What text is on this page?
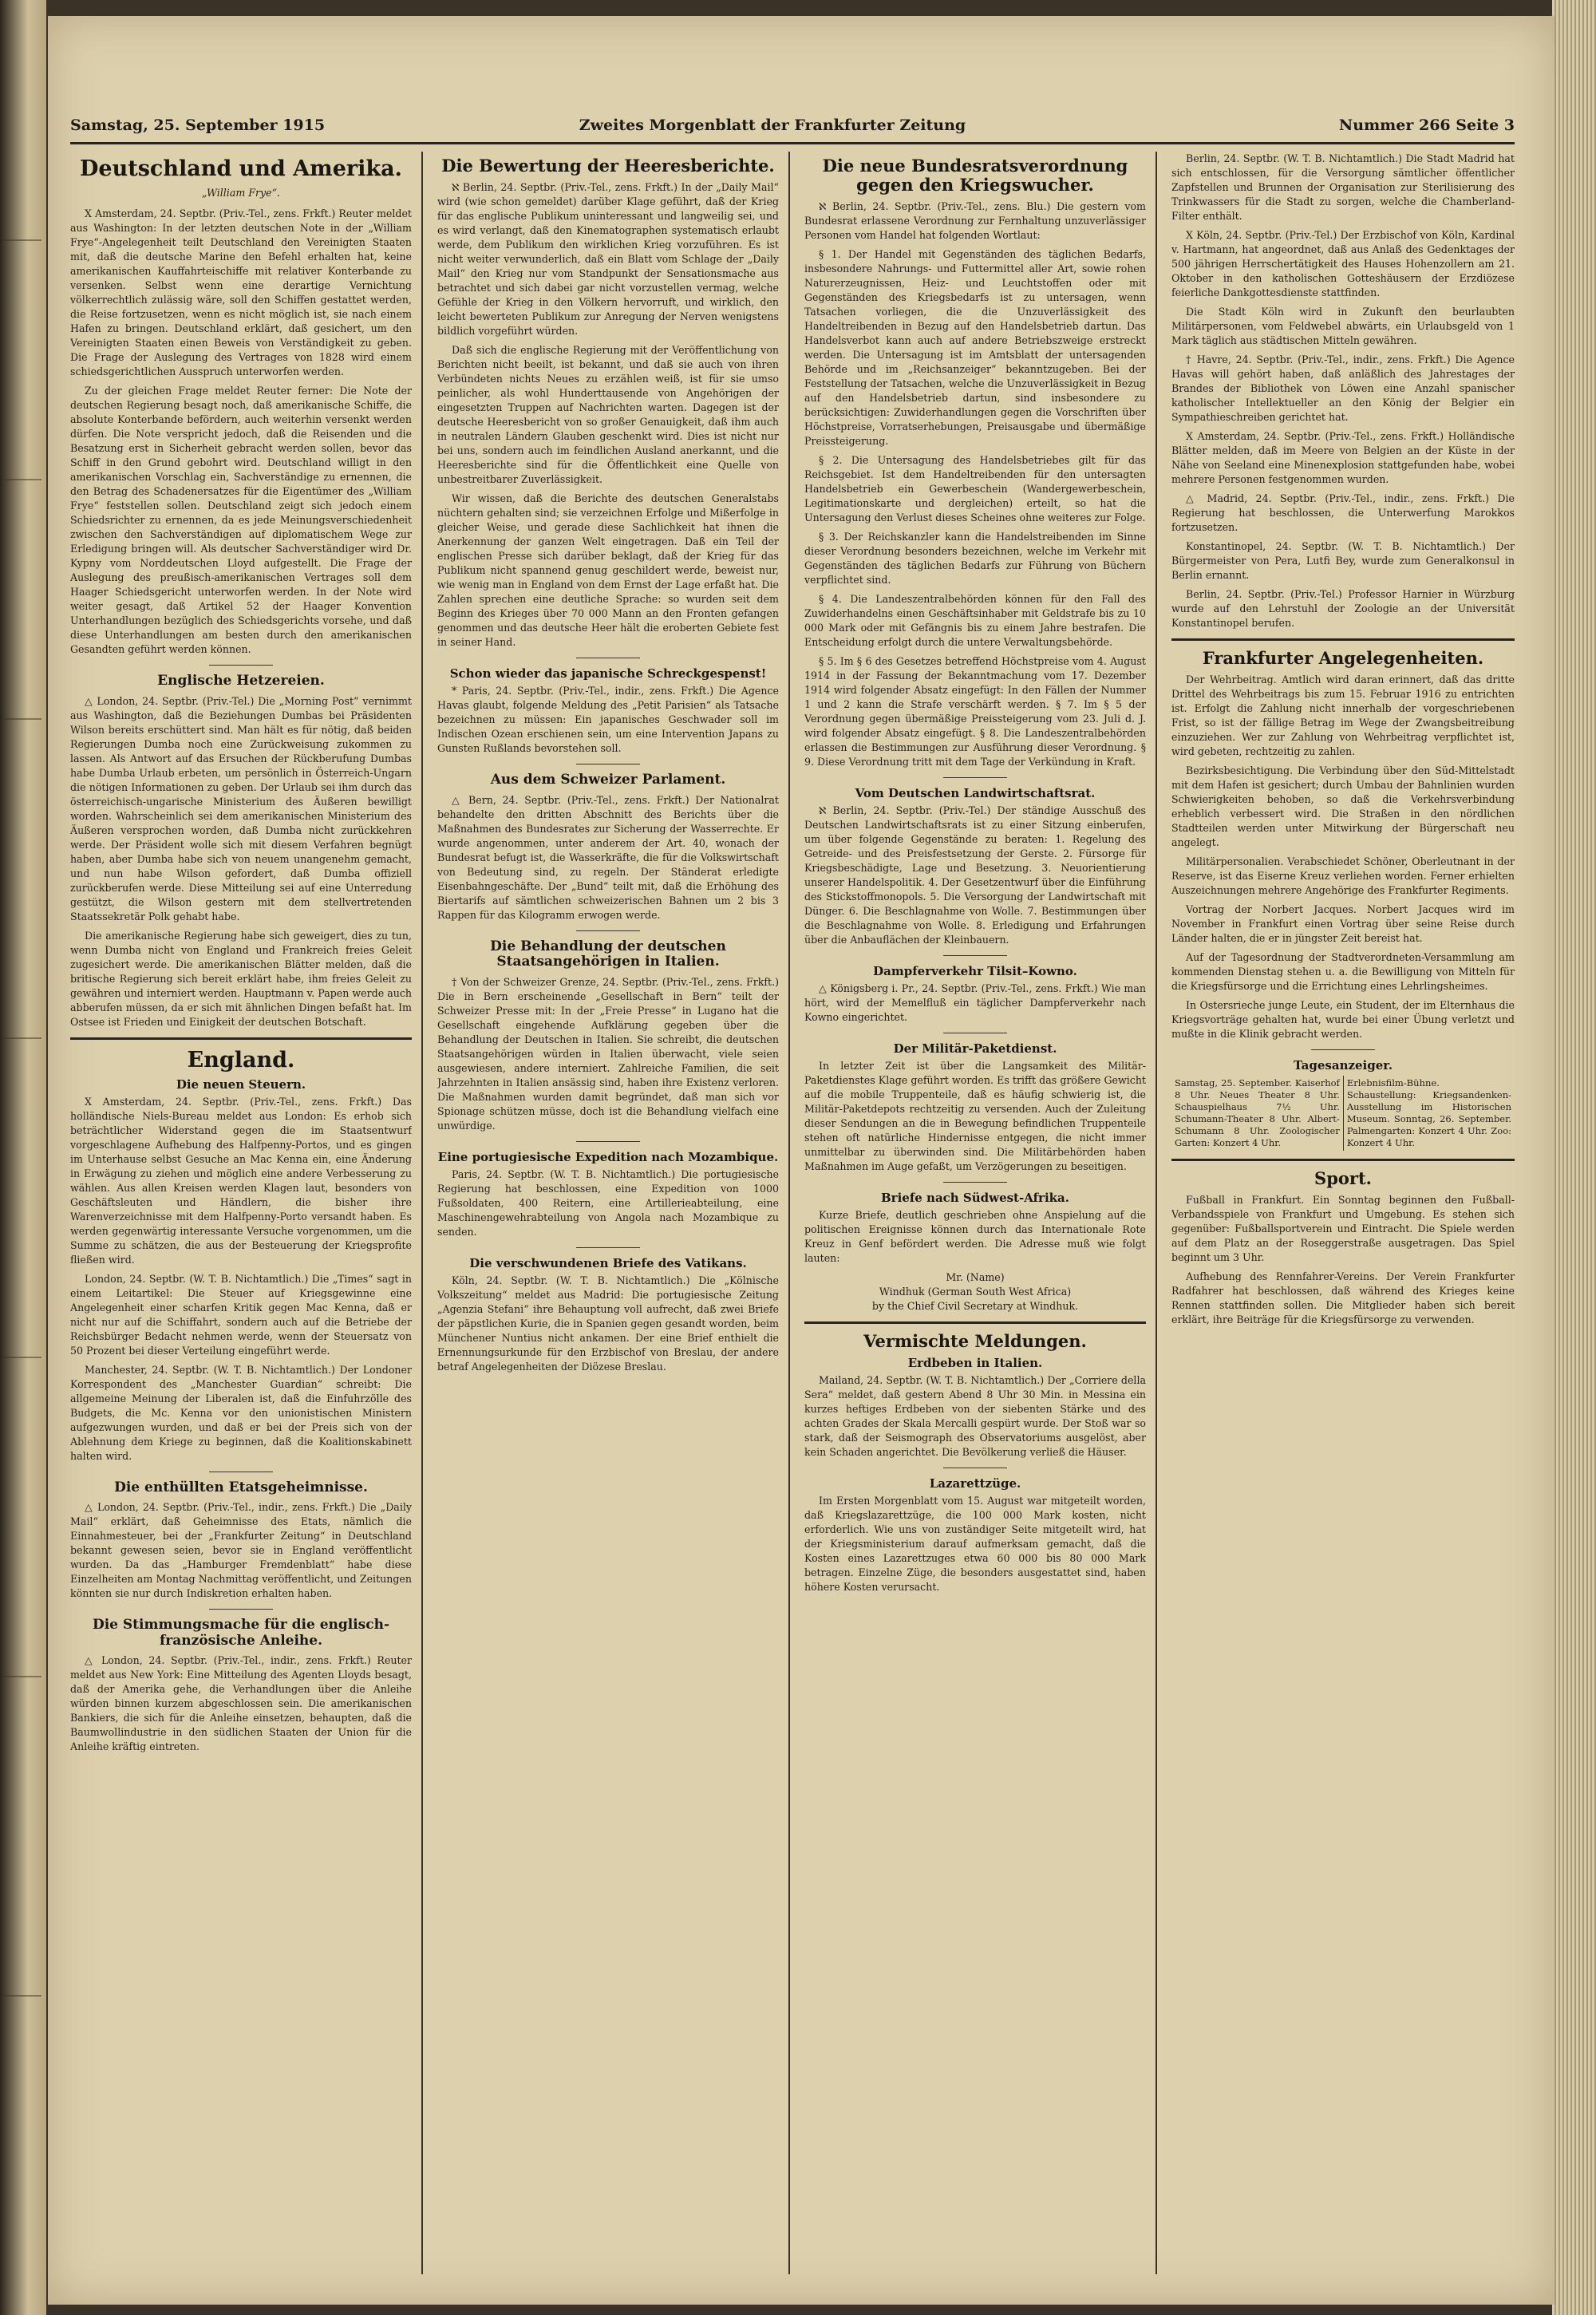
Samstag, 25. September 1915	Zweites Morgenblatt der Frankfurter Zeitung	Nummer 266 Seite 3
Deutschland und Amerika.
„William Frye“.

X Amsterdam, 24. Septbr. (Priv.-Tel., zens. Frkft.) Reuter meldet aus Washington: In der letzten deutschen Note in der „William Frye“-Angelegenheit teilt Deutschland den Vereinigten Staaten mit, daß die deutsche Marine den Befehl erhalten hat, keine amerikanischen Kauffahrteischiffe mit relativer Konterbande zu versenken. Selbst wenn eine derartige Vernichtung völkerrechtlich zulässig wäre, soll den Schiffen gestattet werden, die Reise fortzusetzen, wenn es nicht möglich ist, sie nach einem Hafen zu bringen. Deutschland erklärt, daß gesichert, um den Vereinigten Staaten einen Beweis von Verständigkeit zu geben. Die Frage der Auslegung des Vertrages von 1828 wird einem schiedsgerichtlichen Ausspruch unterworfen werden.

Zu der gleichen Frage meldet Reuter ferner: Die Note der deutschen Regierung besagt noch, daß amerikanische Schiffe, die absolute Konterbande befördern, auch weiterhin versenkt werden dürfen. Die Note verspricht jedoch, daß die Reisenden und die Besatzung erst in Sicherheit gebracht werden sollen, bevor das Schiff in den Grund gebohrt wird. Deutschland willigt in den amerikanischen Vorschlag ein, Sachverständige zu ernennen, die den Betrag des Schadenersatzes für die Eigentümer des „William Frye“ feststellen sollen. Deutschland zeigt sich jedoch einem Schiedsrichter zu ernennen, da es jede Meinungsverschiedenheit zwischen den Sachverständigen auf diplomatischem Wege zur Erledigung bringen will. Als deutscher Sachverständiger wird Dr. Kypny vom Norddeutschen Lloyd aufgestellt. Die Frage der Auslegung des preußisch-amerikanischen Vertrages soll dem Haager Schiedsgericht unterworfen werden. In der Note wird weiter gesagt, daß Artikel 52 der Haager Konvention Unterhandlungen bezüglich des Schiedsgerichts vorsehe, und daß diese Unterhandlungen am besten durch den amerikanischen Gesandten geführt werden können.

Englische Hetzereien.

△ London, 24. Septbr. (Priv.-Tel.) Die „Morning Post“ vernimmt aus Washington, daß die Beziehungen Dumbas bei Präsidenten Wilson bereits erschüttert sind. Man hält es für nötig, daß beiden Regierungen Dumba noch eine Zurückweisung zukommen zu lassen. Als Antwort auf das Ersuchen der Rückberufung Dumbas habe Dumba Urlaub erbeten, um persönlich in Österreich-Ungarn die nötigen Informationen zu geben. Der Urlaub sei ihm durch das österreichisch-ungarische Ministerium des Äußeren bewilligt worden. Wahrscheinlich sei dem amerikanischen Ministerium des Äußeren versprochen worden, daß Dumba nicht zurückkehren werde. Der Präsident wolle sich mit diesem Verfahren begnügt haben, aber Dumba habe sich von neuem unangenehm gemacht, und nun habe Wilson gefordert, daß Dumba offiziell zurückberufen werde. Diese Mitteilung sei auf eine Unterredung gestützt, die Wilson gestern mit dem stellvertretenden Staatssekretär Polk gehabt habe.

Die amerikanische Regierung habe sich geweigert, dies zu tun, wenn Dumba nicht von England und Frankreich freies Geleit zugesichert werde. Die amerikanischen Blätter melden, daß die britische Regierung sich bereit erklärt habe, ihm freies Geleit zu gewähren und interniert werden. Hauptmann v. Papen werde auch abberufen müssen, da er sich mit ähnlichen Dingen befaßt hat. Im Ostsee ist Frieden und Einigkeit der deutschen Botschaft.

England.
Die neuen Steuern.

X Amsterdam, 24. Septbr. (Priv.-Tel., zens. Frkft.) Das holländische Niels-Bureau meldet aus London: Es erhob sich beträchtlicher Widerstand gegen die im Staatsentwurf vorgeschlagene Aufhebung des Halfpenny-Portos, und es gingen im Unterhause selbst Gesuche an Mac Kenna ein, eine Änderung in Erwägung zu ziehen und möglich eine andere Verbesserung zu wählen. Aus allen Kreisen werden Klagen laut, besonders von Geschäftsleuten und Händlern, die bisher ihre Warenverzeichnisse mit dem Halfpenny-Porto versandt haben. Es werden gegenwärtig interessante Versuche vorgenommen, um die Summe zu schätzen, die aus der Besteuerung der Kriegsprofite fließen wird.

London, 24. Septbr. (W. T. B. Nichtamtlich.) Die „Times“ sagt in einem Leitartikel: Die Steuer auf Kriegsgewinne eine Angelegenheit einer scharfen Kritik gegen Mac Kenna, daß er nicht nur auf die Schiffahrt, sondern auch auf die Betriebe der Reichsbürger Bedacht nehmen werde, wenn der Steuersatz von 50 Prozent bei dieser Verteilung eingeführt werde.

Manchester, 24. Septbr. (W. T. B. Nichtamtlich.) Der Londoner Korrespondent des „Manchester Guardian“ schreibt: Die allgemeine Meinung der Liberalen ist, daß die Einfuhrzölle des Budgets, die Mc. Kenna vor den unionistischen Ministern aufgezwungen wurden, und daß er bei der Preis sich von der Ablehnung dem Kriege zu beginnen, daß die Koalitionskabinett halten wird.

Die enthüllten Etatsgeheimnisse.

△ London, 24. Septbr. (Priv.-Tel., indir., zens. Frkft.) Die „Daily Mail“ erklärt, daß Geheimnisse des Etats, nämlich die Einnahmesteuer, bei der „Frankfurter Zeitung“ in Deutschland bekannt gewesen seien, bevor sie in England veröffentlicht wurden. Da das „Hamburger Fremdenblatt“ habe diese Einzelheiten am Montag Nachmittag veröffentlicht, und Zeitungen könnten sie nur durch Indiskretion erhalten haben.

Die Stimmungsmache für die englisch-französische Anleihe.

△ London, 24. Septbr. (Priv.-Tel., indir., zens. Frkft.) Reuter meldet aus New York: Eine Mitteilung des Agenten Lloyds besagt, daß der Amerika gehe, die Verhandlungen über die Anleihe würden binnen kurzem abgeschlossen sein. Die amerikanischen Bankiers, die sich für die Anleihe einsetzen, behaupten, daß die Baumwollindustrie in den südlichen Staaten der Union für die Anleihe kräftig eintreten.

Die Bewertung der Heeresberichte.

ℵ Berlin, 24. Septbr. (Priv.-Tel., zens. Frkft.) In der „Daily Mail“ wird (wie schon gemeldet) darüber Klage geführt, daß der Krieg für das englische Publikum uninteressant und langweilig sei, und es wird verlangt, daß den Kinematographen systematisch erlaubt werde, dem Publikum den wirklichen Krieg vorzuführen. Es ist nicht weiter verwunderlich, daß ein Blatt vom Schlage der „Daily Mail“ den Krieg nur vom Standpunkt der Sensationsmache aus betrachtet und sich dabei gar nicht vorzustellen vermag, welche Gefühle der Krieg in den Völkern hervorruft, und wirklich, den leicht bewerteten Publikum zur Anregung der Nerven wenigstens bildlich vorgeführt würden.

Daß sich die englische Regierung mit der Veröffentlichung von Berichten nicht beeilt, ist bekannt, und daß sie auch von ihren Verbündeten nichts Neues zu erzählen weiß, ist für sie umso peinlicher, als wohl Hunderttausende von Angehörigen der eingesetzten Truppen auf Nachrichten warten. Dagegen ist der deutsche Heeresbericht von so großer Genauigkeit, daß ihm auch in neutralen Ländern Glauben geschenkt wird. Dies ist nicht nur bei uns, sondern auch im feindlichen Ausland anerkannt, und die Heeresberichte sind für die Öffentlichkeit eine Quelle von unbestreitbarer Zuverlässigkeit.

Wir wissen, daß die Berichte des deutschen Generalstabs nüchtern gehalten sind; sie verzeichnen Erfolge und Mißerfolge in gleicher Weise, und gerade diese Sachlichkeit hat ihnen die Anerkennung der ganzen Welt eingetragen. Daß ein Teil der englischen Presse sich darüber beklagt, daß der Krieg für das Publikum nicht spannend genug geschildert werde, beweist nur, wie wenig man in England von dem Ernst der Lage erfaßt hat. Die Zahlen sprechen eine deutliche Sprache: so wurden seit dem Beginn des Krieges über 70 000 Mann an den Fronten gefangen genommen und das deutsche Heer hält die eroberten Gebiete fest in seiner Hand.

Schon wieder das japanische Schreckgespenst!

* Paris, 24. Septbr. (Priv.-Tel., indir., zens. Frkft.) Die Agence Havas glaubt, folgende Meldung des „Petit Parisien“ als Tatsache bezeichnen zu müssen: Ein japanisches Geschwader soll im Indischen Ozean erschienen sein, um eine Intervention Japans zu Gunsten Rußlands bevorstehen soll.

Aus dem Schweizer Parlament.

△ Bern, 24. Septbr. (Priv.-Tel., zens. Frkft.) Der Nationalrat behandelte den dritten Abschnitt des Berichts über die Maßnahmen des Bundesrates zur Sicherung der Wasserrechte. Er wurde angenommen, unter anderem der Art. 40, wonach der Bundesrat befugt ist, die Wasserkräfte, die für die Volkswirtschaft von Bedeutung sind, zu regeln. Der Ständerat erledigte Eisenbahngeschäfte. Der „Bund“ teilt mit, daß die Erhöhung des Biertarifs auf sämtlichen schweizerischen Bahnen um 2 bis 3 Rappen für das Kilogramm erwogen werde.

Die Behandlung der deutschen Staatsangehörigen in Italien.

† Von der Schweizer Grenze, 24. Septbr. (Priv.-Tel., zens. Frkft.) Die in Bern erscheinende „Gesellschaft in Bern“ teilt der Schweizer Presse mit: In der „Freie Presse“ in Lugano hat die Gesellschaft eingehende Aufklärung gegeben über die Behandlung der Deutschen in Italien. Sie schreibt, die deutschen Staatsangehörigen würden in Italien überwacht, viele seien ausgewiesen, andere interniert. Zahlreiche Familien, die seit Jahrzehnten in Italien ansässig sind, haben ihre Existenz verloren. Die Maßnahmen wurden damit begründet, daß man sich vor Spionage schützen müsse, doch ist die Behandlung vielfach eine unwürdige.

Eine portugiesische Expedition nach Mozambique.

Paris, 24. Septbr. (W. T. B. Nichtamtlich.) Die portugiesische Regierung hat beschlossen, eine Expedition von 1000 Fußsoldaten, 400 Reitern, eine Artillerieabteilung, eine Maschinengewehrabteilung von Angola nach Mozambique zu senden.

Die verschwundenen Briefe des Vatikans.

Köln, 24. Septbr. (W. T. B. Nichtamtlich.) Die „Kölnische Volkszeitung“ meldet aus Madrid: Die portugiesische Zeitung „Agenzia Stefani“ ihre Behauptung voll aufrecht, daß zwei Briefe der päpstlichen Kurie, die in Spanien gegen gesandt worden, beim Münchener Nuntius nicht ankamen. Der eine Brief enthielt die Ernennungsurkunde für den Erzbischof von Breslau, der andere betraf Angelegenheiten der Diözese Breslau.

Die neue Bundesratsverordnung gegen den Kriegswucher.

ℵ Berlin, 24. Septbr. (Priv.-Tel., zens. Blu.) Die gestern vom Bundesrat erlassene Verordnung zur Fernhaltung unzuverlässiger Personen vom Handel hat folgenden Wortlaut:

§ 1. Der Handel mit Gegenständen des täglichen Bedarfs, insbesondere Nahrungs- und Futtermittel aller Art, sowie rohen Naturerzeugnissen, Heiz- und Leuchtstoffen oder mit Gegenständen des Kriegsbedarfs ist zu untersagen, wenn Tatsachen vorliegen, die die Unzuverlässigkeit des Handeltreibenden in Bezug auf den Handelsbetrieb dartun. Das Handelsverbot kann auch auf andere Betriebszweige erstreckt werden. Die Untersagung ist im Amtsblatt der untersagenden Behörde und im „Reichsanzeiger“ bekanntzugeben. Bei der Feststellung der Tatsachen, welche die Unzuverlässigkeit in Bezug auf den Handelsbetrieb dartun, sind insbesondere zu berücksichtigen: Zuwiderhandlungen gegen die Vorschriften über Höchstpreise, Vorratserhebungen, Preisausgabe und übermäßige Preissteigerung.

§ 2. Die Untersagung des Handelsbetriebes gilt für das Reichsgebiet. Ist dem Handeltreibenden für den untersagten Handelsbetrieb ein Gewerbeschein (Wandergewerbeschein, Legitimationskarte und dergleichen) erteilt, so hat die Untersagung den Verlust dieses Scheines ohne weiteres zur Folge.

§ 3. Der Reichskanzler kann die Handelstreibenden im Sinne dieser Verordnung besonders bezeichnen, welche im Verkehr mit Gegenständen des täglichen Bedarfs zur Führung von Büchern verpflichtet sind.

§ 4. Die Landeszentralbehörden können für den Fall des Zuwiderhandelns einen Geschäftsinhaber mit Geldstrafe bis zu 10 000 Mark oder mit Gefängnis bis zu einem Jahre bestrafen. Die Entscheidung erfolgt durch die untere Verwaltungsbehörde.

§ 5. Im § 6 des Gesetzes betreffend Höchstpreise vom 4. August 1914 in der Fassung der Bekanntmachung vom 17. Dezember 1914 wird folgender Absatz eingefügt: In den Fällen der Nummer 1 und 2 kann die Strafe verschärft werden. § 7. Im § 5 der Verordnung gegen übermäßige Preissteigerung vom 23. Juli d. J. wird folgender Absatz eingefügt. § 8. Die Landeszentralbehörden erlassen die Bestimmungen zur Ausführung dieser Verordnung. § 9. Diese Verordnung tritt mit dem Tage der Verkündung in Kraft.

Vom Deutschen Landwirtschaftsrat.

ℵ Berlin, 24. Septbr. (Priv.-Tel.) Der ständige Ausschuß des Deutschen Landwirtschaftsrats ist zu einer Sitzung einberufen, um über folgende Gegenstände zu beraten: 1. Regelung des Getreide- und des Preisfestsetzung der Gerste. 2. Fürsorge für Kriegsbeschädigte, Lage und Besetzung. 3. Neuorientierung unserer Handelspolitik. 4. Der Gesetzentwurf über die Einführung des Stickstoffmonopols. 5. Die Versorgung der Landwirtschaft mit Dünger. 6. Die Beschlagnahme von Wolle. 7. Bestimmungen über die Beschlagnahme von Wolle. 8. Erledigung und Erfahrungen über die Anbauflächen der Kleinbauern.

Dampferverkehr Tilsit–Kowno.

△ Königsberg i. Pr., 24. Septbr. (Priv.-Tel., zens. Frkft.) Wie man hört, wird der Memelfluß ein täglicher Dampferverkehr nach Kowno eingerichtet.

Der Militär-Paketdienst.

In letzter Zeit ist über die Langsamkeit des Militär-Paketdienstes Klage geführt worden. Es trifft das größere Gewicht auf die mobile Truppenteile, daß es häufig schwierig ist, die Militär-Paketdepots rechtzeitig zu versenden. Auch der Zuleitung dieser Sendungen an die in Bewegung befindlichen Truppenteile stehen oft natürliche Hindernisse entgegen, die nicht immer unmittelbar zu überwinden sind. Die Militärbehörden haben Maßnahmen im Auge gefaßt, um Verzögerungen zu beseitigen.

Briefe nach Südwest-Afrika.

Kurze Briefe, deutlich geschrieben ohne Anspielung auf die politischen Ereignisse können durch das Internationale Rote Kreuz in Genf befördert werden. Die Adresse muß wie folgt lauten:

Mr. (Name)
Windhuk (German South West Africa)
by the Chief Civil Secretary at Windhuk.
Vermischte Meldungen.
Erdbeben in Italien.

Mailand, 24. Septbr. (W. T. B. Nichtamtlich.) Der „Corriere della Sera“ meldet, daß gestern Abend 8 Uhr 30 Min. in Messina ein kurzes heftiges Erdbeben von der siebenten Stärke und des achten Grades der Skala Mercalli gespürt wurde. Der Stoß war so stark, daß der Seismograph des Observatoriums ausgelöst, aber kein Schaden angerichtet. Die Bevölkerung verließ die Häuser.

Lazarettzüge.

Im Ersten Morgenblatt vom 15. August war mitgeteilt worden, daß Kriegslazarettzüge, die 100 000 Mark kosten, nicht erforderlich. Wie uns von zuständiger Seite mitgeteilt wird, hat der Kriegsministerium darauf aufmerksam gemacht, daß die Kosten eines Lazarettzuges etwa 60 000 bis 80 000 Mark betragen. Einzelne Züge, die besonders ausgestattet sind, haben höhere Kosten verursacht.

Berlin, 24. Septbr. (W. T. B. Nichtamtlich.) Die Stadt Madrid hat sich entschlossen, für die Versorgung sämtlicher öffentlicher Zapfstellen und Brunnen der Organisation zur Sterilisierung des Trinkwassers für die Stadt zu sorgen, welche die Chamberland-Filter enthält.

X Köln, 24. Septbr. (Priv.-Tel.) Der Erzbischof von Köln, Kardinal v. Hartmann, hat angeordnet, daß aus Anlaß des Gedenktages der 500 jährigen Herrschertätigkeit des Hauses Hohenzollern am 21. Oktober in den katholischen Gotteshäusern der Erzdiözese feierliche Dankgottesdienste stattfinden.

Die Stadt Köln wird in Zukunft den beurlaubten Militärpersonen, vom Feldwebel abwärts, ein Urlaubsgeld von 1 Mark täglich aus städtischen Mitteln gewähren.

† Havre, 24. Septbr. (Priv.-Tel., indir., zens. Frkft.) Die Agence Havas will gehört haben, daß anläßlich des Jahrestages der Brandes der Bibliothek von Löwen eine Anzahl spanischer katholischer Intellektueller an den König der Belgier ein Sympathieschreiben gerichtet hat.

X Amsterdam, 24. Septbr. (Priv.-Tel., zens. Frkft.) Holländische Blätter melden, daß im Meere von Belgien an der Küste in der Nähe von Seeland eine Minenexplosion stattgefunden habe, wobei mehrere Personen festgenommen wurden.

△ Madrid, 24. Septbr. (Priv.-Tel., indir., zens. Frkft.) Die Regierung hat beschlossen, die Unterwerfung Marokkos fortzusetzen.

Konstantinopel, 24. Septbr. (W. T. B. Nichtamtlich.) Der Bürgermeister von Pera, Lutfi Bey, wurde zum Generalkonsul in Berlin ernannt.

Berlin, 24. Septbr. (Priv.-Tel.) Professor Harnier in Würzburg wurde auf den Lehrstuhl der Zoologie an der Universität Konstantinopel berufen.

Frankfurter Angelegenheiten.

Der Wehrbeitrag. Amtlich wird daran erinnert, daß das dritte Drittel des Wehrbeitrags bis zum 15. Februar 1916 zu entrichten ist. Erfolgt die Zahlung nicht innerhalb der vorgeschriebenen Frist, so ist der fällige Betrag im Wege der Zwangsbeitreibung einzuziehen. Wer zur Zahlung von Wehrbeitrag verpflichtet ist, wird gebeten, rechtzeitig zu zahlen.

Bezirksbesichtigung. Die Verbindung über den Süd-Mittelstadt mit dem Hafen ist gesichert; durch Umbau der Bahnlinien wurden Schwierigkeiten behoben, so daß die Verkehrsverbindung erheblich verbessert wird. Die Straßen in den nördlichen Stadtteilen werden unter Mitwirkung der Bürgerschaft neu angelegt.

Militärpersonalien. Verabschiedet Schöner, Oberleutnant in der Reserve, ist das Eiserne Kreuz verliehen worden. Ferner erhielten Auszeichnungen mehrere Angehörige des Frankfurter Regiments.

Vortrag der Norbert Jacques. Norbert Jacques wird im November in Frankfurt einen Vortrag über seine Reise durch Länder halten, die er in jüngster Zeit bereist hat.

Auf der Tagesordnung der Stadtverordneten-Versammlung am kommenden Dienstag stehen u. a. die Bewilligung von Mitteln für die Kriegsfürsorge und die Errichtung eines Lehrlingsheimes.

In Ostersrieche junge Leute, ein Student, der im Elternhaus die Kriegsvorträge gehalten hat, wurde bei einer Übung verletzt und mußte in die Klinik gebracht werden.

Tagesanzeiger.
Samstag, 25. September. Kaiserhof 8 Uhr. Neues Theater 8 Uhr. Schauspielhaus 7½ Uhr. Schumann-Theater 8 Uhr. Albert-Schumann 8 Uhr. Zoologischer Garten: Konzert 4 Uhr.	Erlebnisfilm-Bühne. Schaustellung: Kriegsandenken-Ausstellung im Historischen Museum. Sonntag, 26. September. Palmengarten: Konzert 4 Uhr. Zoo: Konzert 4 Uhr.
Sport.

Fußball in Frankfurt. Ein Sonntag beginnen den Fußball-Verbandsspiele von Frankfurt und Umgebung. Es stehen sich gegenüber: Fußballsportverein und Eintracht. Die Spiele werden auf dem Platz an der Roseggerstraße ausgetragen. Das Spiel beginnt um 3 Uhr.

Aufhebung des Rennfahrer-Vereins. Der Verein Frankfurter Radfahrer hat beschlossen, daß während des Krieges keine Rennen stattfinden sollen. Die Mitglieder haben sich bereit erklärt, ihre Beiträge für die Kriegsfürsorge zu verwenden.
